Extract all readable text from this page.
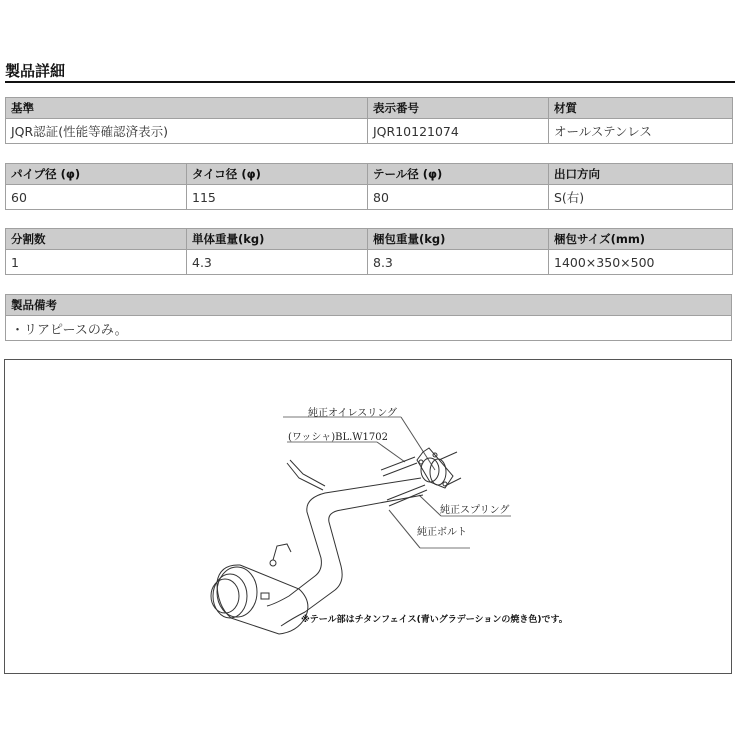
製品詳細
基準	表示番号	材質
JQR認証(性能等確認済表示)	JQR10121074	オールステンレス
パイプ径 (φ)	タイコ径 (φ)	テール径 (φ)	出口方向
60	115	80	S(右)
分割数	単体重量(kg)	梱包重量(kg)	梱包サイズ(mm)
1	4.3	8.3	1400×350×500
製品備考
・リアピースのみ。
純正オイレスリング
(ワッシャ)BL.W1702
純正スプリング
純正ボルト
※テール部はチタンフェイス(青いグラデーションの焼き色)です。
